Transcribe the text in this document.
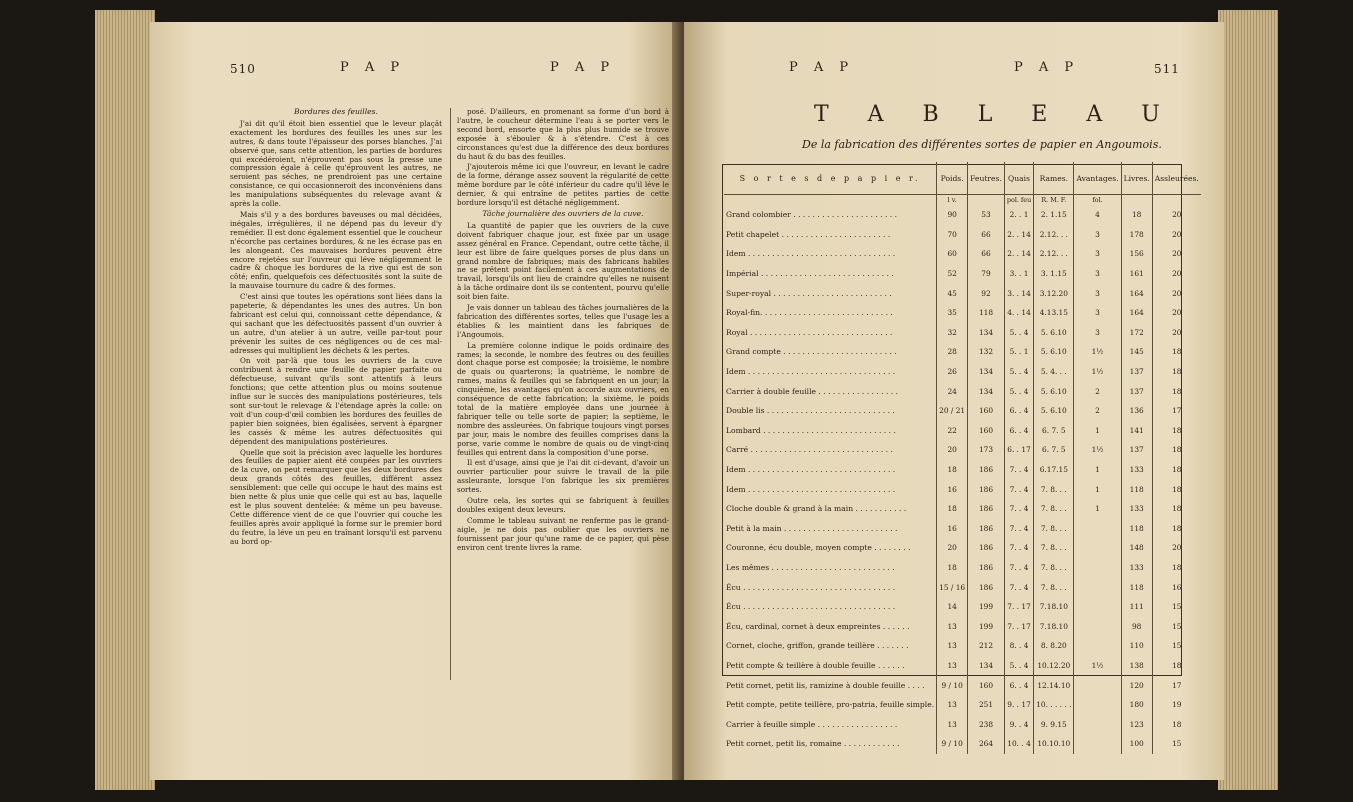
510	P A P	P A P

Bordures des feuilles.

J'ai dit qu'il étoit bien essentiel que le leveur plaçât exactement les bordures des feuilles les unes sur les autres, & dans toute l'épaisseur des porses blanches. J'ai observé que, sans cette attention, les parties de bordures qui excédéroient, n'éprouvent pas sous la presse une compression égale à celle qu'éprouvent les autres, ne seroient pas séches, ne prendroient pas une certaine consistance, ce qui occasionneroit des inconvéniens dans les manipulations subséquentes du relevage avant & après la colle.

Mais s'il y a des bordures baveuses ou mal décidées, inégales, irrégulières, il ne dépend pas du leveur d'y remédier. Il est donc également essentiel que le coucheur n'écorche pas certaines bordures, & ne les écrase pas en les alongeant. Ces mauvaises bordures peuvent être encore rejetées sur l'ouvreur qui léve négligemment le cadre & choque les bordures de la rive qui est de son côté; enfin, quelquefois ces défectuosités sont la suite de la mauvaise tournure du cadre & des formes.

C'est ainsi que toutes les opérations sont liées dans la papeterie, & dépendantes les unes des autres. Un bon fabricant est celui qui, connoissant cette dépendance, & qui sachant que les défectuosités passent d'un ouvrier à un autre, d'un atelier à un autre, veille par-tout pour prévenir les suites de ces négligences ou de ces mal-adresses qui multiplient les déchets & les pertes.

On voit par-là que tous les ouvriers de la cuve contribuent à rendre une feuille de papier parfaite ou défectueuse, suivant qu'ils sont attentifs à leurs fonctions; que cette attention plus ou moins soutenue influe sur le succès des manipulations postérieures, tels sont sur-tout le relevage & l'étendage après la colle: on voit d'un coup-d'œil combien les bordures des feuilles de papier bien soignées, bien égalisées, servent à épargner les cassés & même les autres défectuosités qui dépendent des manipulations postérieures.

Quelle que soit la précision avec laquelle les bordures des feuilles de papier aient été coupées par les ouvriers de la cuve, on peut remarquer que les deux bordures des deux grands côtés des feuilles, différent assez sensiblement: que celle qui occupe le haut des mains est bien nette & plus unie que celle qui est au bas, laquelle est le plus souvent dentelée: & même un peu baveuse. Cette différence vient de ce que l'ouvrier qui couche les feuilles après avoir appliqué la forme sur le premier bord du feutre, la léve un peu en traînant lorsqu'il est parvenu au bord op-

posé. D'ailleurs, en promenant sa forme d'un bord à l'autre, le coucheur détermine l'eau à se porter vers le second bord, ensorte que la plus plus humide se trouve exposée à s'ébouler & à s'étendre. C'est à ces circonstances qu'est due la différence des deux bordures du haut & du bas des feuilles.

J'ajouterois même ici que l'ouvreur, en levant le cadre de la forme, dérange assez souvent la régularité de cette même bordure par le côté inférieur du cadre qu'il léve le dernier, & qui entraîne de petites parties de cette bordure lorsqu'il est détaché négligemment.

Tâche journalière des ouvriers de la cuve.

La quantité de papier que les ouvriers de la cuve doivent fabriquer chaque jour, est fixée par un usage assez général en France. Cependant, outre cette tâche, il leur est libre de faire quelques porses de plus dans un grand nombre de fabriques; mais des fabricans habiles ne se prêtent point facilement à ces augmentations de travail, lorsqu'ils ont lieu de craindre qu'elles ne nuisent à la tâche ordinaire dont ils se contentent, pourvu qu'elle soit bien faite.

Je vais donner un tableau des tâches journalières de la fabrication des différentes sortes, telles que l'usage les a établies & les maintient dans les fabriques de l'Angoumois.

La première colonne indique le poids ordinaire des rames; la seconde, le nombre des feutres ou des feuilles dont chaque porse est composée; la troisième, le nombre de quais ou quarterons; la quatrième, le nombre de rames, mains & feuilles qui se fabriquent en un jour; la cinquième, les avantages qu'on accorde aux ouvriers, en conséquence de cette fabrication; la sixième, le poids total de la matière employée dans une journée à fabriquer telle ou telle sorte de papier; la septième, le nombre des assleurées. On fabrique toujours vingt porses par jour, mais le nombre des feuilles comprises dans la porse, varie comme le nombre de quais ou de vingt-cinq feuilles qui entrent dans la composition d'une porse.

Il est d'usage, ainsi que je l'ai dit ci-devant, d'avoir un ouvrier particulier pour suivre le travail de la pile assleurante, lorsque l'on fabrique les six premières sortes.

Outre cela, les sortes qui se fabriquent à feuilles doubles exigent deux leveurs.

Comme le tableau suivant ne renferme pas le grand-aigle, je ne dois pas oublier que les ouvriers ne fournissent par jour qu'une rame de ce papier, qui pèse environ cent trente livres la rame.

P A P	P A P	511
T A B L E A U
De la fabrication des différentes sortes de papier en Angoumois.
S o r t e s d e p a p i e r.	Poids.	Feutres.	Quais	Rames.	Avantages.	Livres.	Assleurées.
	l v.		pol. feu	R. M. F.	fol.		
Grand colombier . . . . . . . . . . . . . . . . . . . . . .	90	53	2. . 1	2. 1.15	4	18	20
Petit chapelet . . . . . . . . . . . . . . . . . . . . . . .	70	66	2. . 14	2.12. . .	3	178	20
Idem . . . . . . . . . . . . . . . . . . . . . . . . . . . . . . .	60	66	2. . 14	2.12. . .	3	156	20
Impérial . . . . . . . . . . . . . . . . . . . . . . . . . . . .	52	79	3. . 1	3. 1.15	3	161	20
Super-royal . . . . . . . . . . . . . . . . . . . . . . . . .	45	92	3. . 14	3.12.20	3	164	20
Royal-fin. . . . . . . . . . . . . . . . . . . . . . . . . . . .	35	118	4. . 14	4.13.15	3	164	20
Royal . . . . . . . . . . . . . . . . . . . . . . . . . . . . . .	32	134	5. . 4	5. 6.10	3	172	20
Grand compte . . . . . . . . . . . . . . . . . . . . . . . .	28	132	5. . 1	5. 6.10	1½	145	18
Idem . . . . . . . . . . . . . . . . . . . . . . . . . . . . . . .	26	134	5. . 4	5. 4. . .	1½	137	18
Carrier à double feuille . . . . . . . . . . . . . . . . .	24	134	5. . 4	5. 6.10	2	137	18
Double lis . . . . . . . . . . . . . . . . . . . . . . . . . . .	20 / 21	160	6. . 4	5. 6.10	2	136	17
Lombard . . . . . . . . . . . . . . . . . . . . . . . . . . . .	22	160	6. . 4	6. 7. 5	1	141	18
Carré . . . . . . . . . . . . . . . . . . . . . . . . . . . . . .	20	173	6. . 17	6. 7. 5	1½	137	18
Idem . . . . . . . . . . . . . . . . . . . . . . . . . . . . . . .	18	186	7. . 4	6.17.15	1	133	18
Idem . . . . . . . . . . . . . . . . . . . . . . . . . . . . . . .	16	186	7. . 4	7. 8. . .	1	118	18
Cloche double & grand à la main . . . . . . . . . . .	18	186	7. . 4	7. 8. . .	1	133	18
Petit à la main . . . . . . . . . . . . . . . . . . . . . . . .	16	186	7. . 4	7. 8. . .		118	18
Couronne, écu double, moyen compte . . . . . . . .	20	186	7. . 4	7. 8. . .		148	20
Les mêmes . . . . . . . . . . . . . . . . . . . . . . . . . .	18	186	7. . 4	7. 8. . .		133	18
Écu . . . . . . . . . . . . . . . . . . . . . . . . . . . . . . . .	15 / 16	186	7. . 4	7. 8. . .		118	16
Écu . . . . . . . . . . . . . . . . . . . . . . . . . . . . . . . .	14	199	7. . 17	7.18.10		111	15
Écu, cardinal, cornet à deux empreintes . . . . . .	13	199	7. . 17	7.18.10		98	15
Cornet, cloche, griffon, grande teillère . . . . . . .	13	212	8. . 4	8. 8.20		110	15
Petit compte & teillère à double feuille . . . . . .	13	134	5. . 4	10.12.20	1½	138	18
Petit cornet, petit lis, ramizine à double feuille . . . .	9 / 10	160	6. . 4	12.14.10		120	17
Petit compte, petite teillère, pro-patria, feuille simple.	13	251	9. . 17	10. . . . . .		180	19
Carrier à feuille simple . . . . . . . . . . . . . . . . .	13	238	9. . 4	9. 9.15		123	18
Petit cornet, petit lis, romaine . . . . . . . . . . . .	9 / 10	264	10. . 4	10.10.10		100	15
